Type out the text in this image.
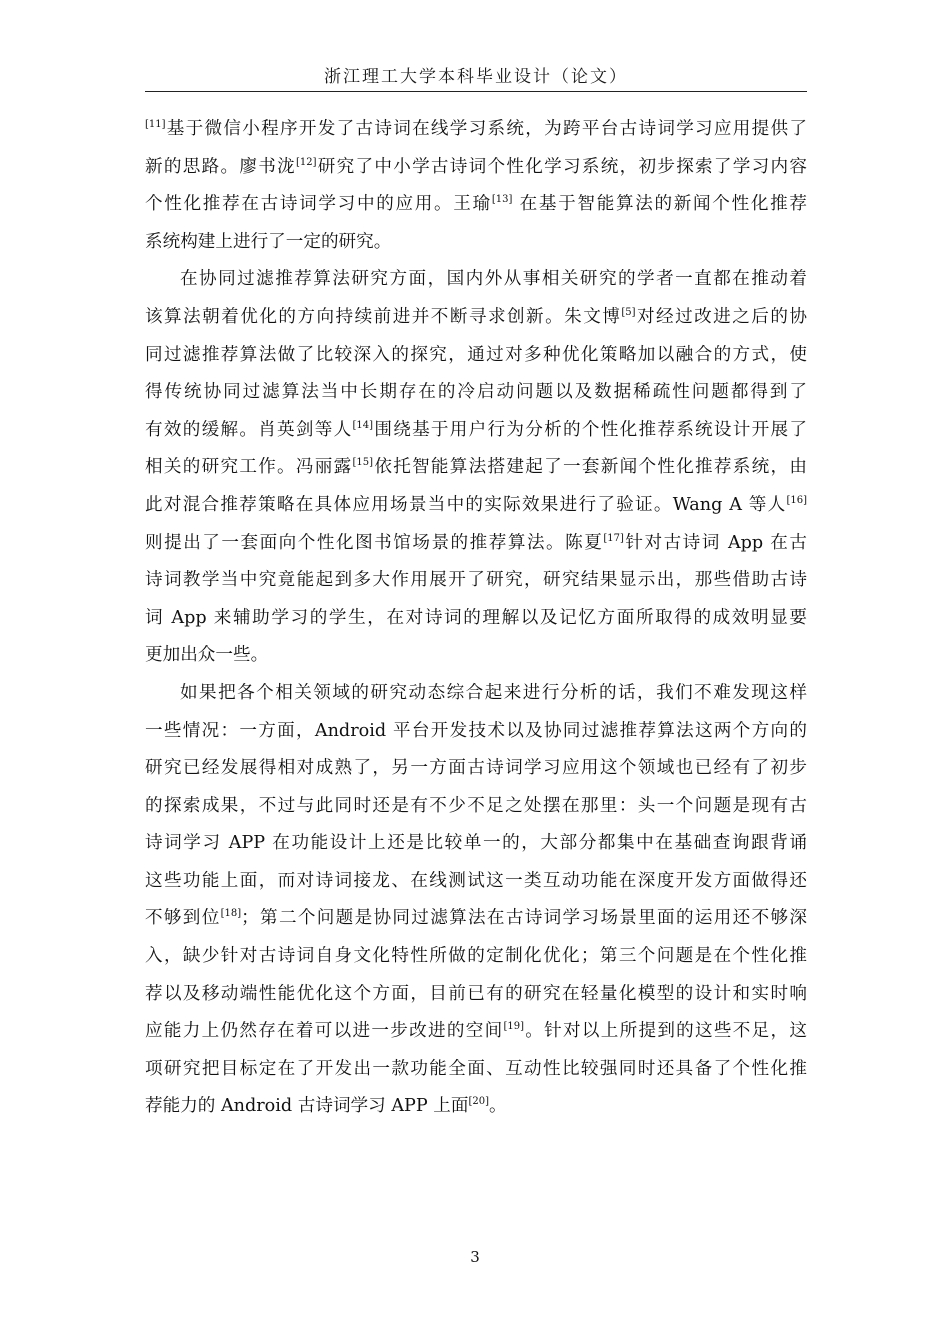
浙江理工大学本科毕业设计（论文）
[11]基于微信小程序开发了古诗词在线学习系统，为跨平台古诗词学习应用提供了
新的思路。廖书泷[12]研究了中小学古诗词个性化学习系统，初步探索了学习内容
个性化推荐在古诗词学习中的应用。王瑜[13] 在基于智能算法的新闻个性化推荐
系统构建上进行了一定的研究。
在协同过滤推荐算法研究方面，国内外从事相关研究的学者一直都在推动着
该算法朝着优化的方向持续前进并不断寻求创新。朱文博[5]对经过改进之后的协
同过滤推荐算法做了比较深入的探究，通过对多种优化策略加以融合的方式，使
得传统协同过滤算法当中长期存在的冷启动问题以及数据稀疏性问题都得到了
有效的缓解。肖英剑等人[14]围绕基于用户行为分析的个性化推荐系统设计开展了
相关的研究工作。冯丽露[15]依托智能算法搭建起了一套新闻个性化推荐系统，由
此对混合推荐策略在具体应用场景当中的实际效果进行了验证。Wang A 等人[16]
则提出了一套面向个性化图书馆场景的推荐算法。陈夏[17]针对古诗词 App 在古
诗词教学当中究竟能起到多大作用展开了研究，研究结果显示出，那些借助古诗
词 App 来辅助学习的学生，在对诗词的理解以及记忆方面所取得的成效明显要
更加出众一些。
如果把各个相关领域的研究动态综合起来进行分析的话，我们不难发现这样
一些情况：一方面，Android 平台开发技术以及协同过滤推荐算法这两个方向的
研究已经发展得相对成熟了，另一方面古诗词学习应用这个领域也已经有了初步
的探索成果，不过与此同时还是有不少不足之处摆在那里：头一个问题是现有古
诗词学习 APP 在功能设计上还是比较单一的，大部分都集中在基础查询跟背诵
这些功能上面，而对诗词接龙、在线测试这一类互动功能在深度开发方面做得还
不够到位[18]；第二个问题是协同过滤算法在古诗词学习场景里面的运用还不够深
入，缺少针对古诗词自身文化特性所做的定制化优化；第三个问题是在个性化推
荐以及移动端性能优化这个方面，目前已有的研究在轻量化模型的设计和实时响
应能力上仍然存在着可以进一步改进的空间[19]。针对以上所提到的这些不足，这
项研究把目标定在了开发出一款功能全面、互动性比较强同时还具备了个性化推
荐能力的 Android 古诗词学习 APP 上面[20]。
3
